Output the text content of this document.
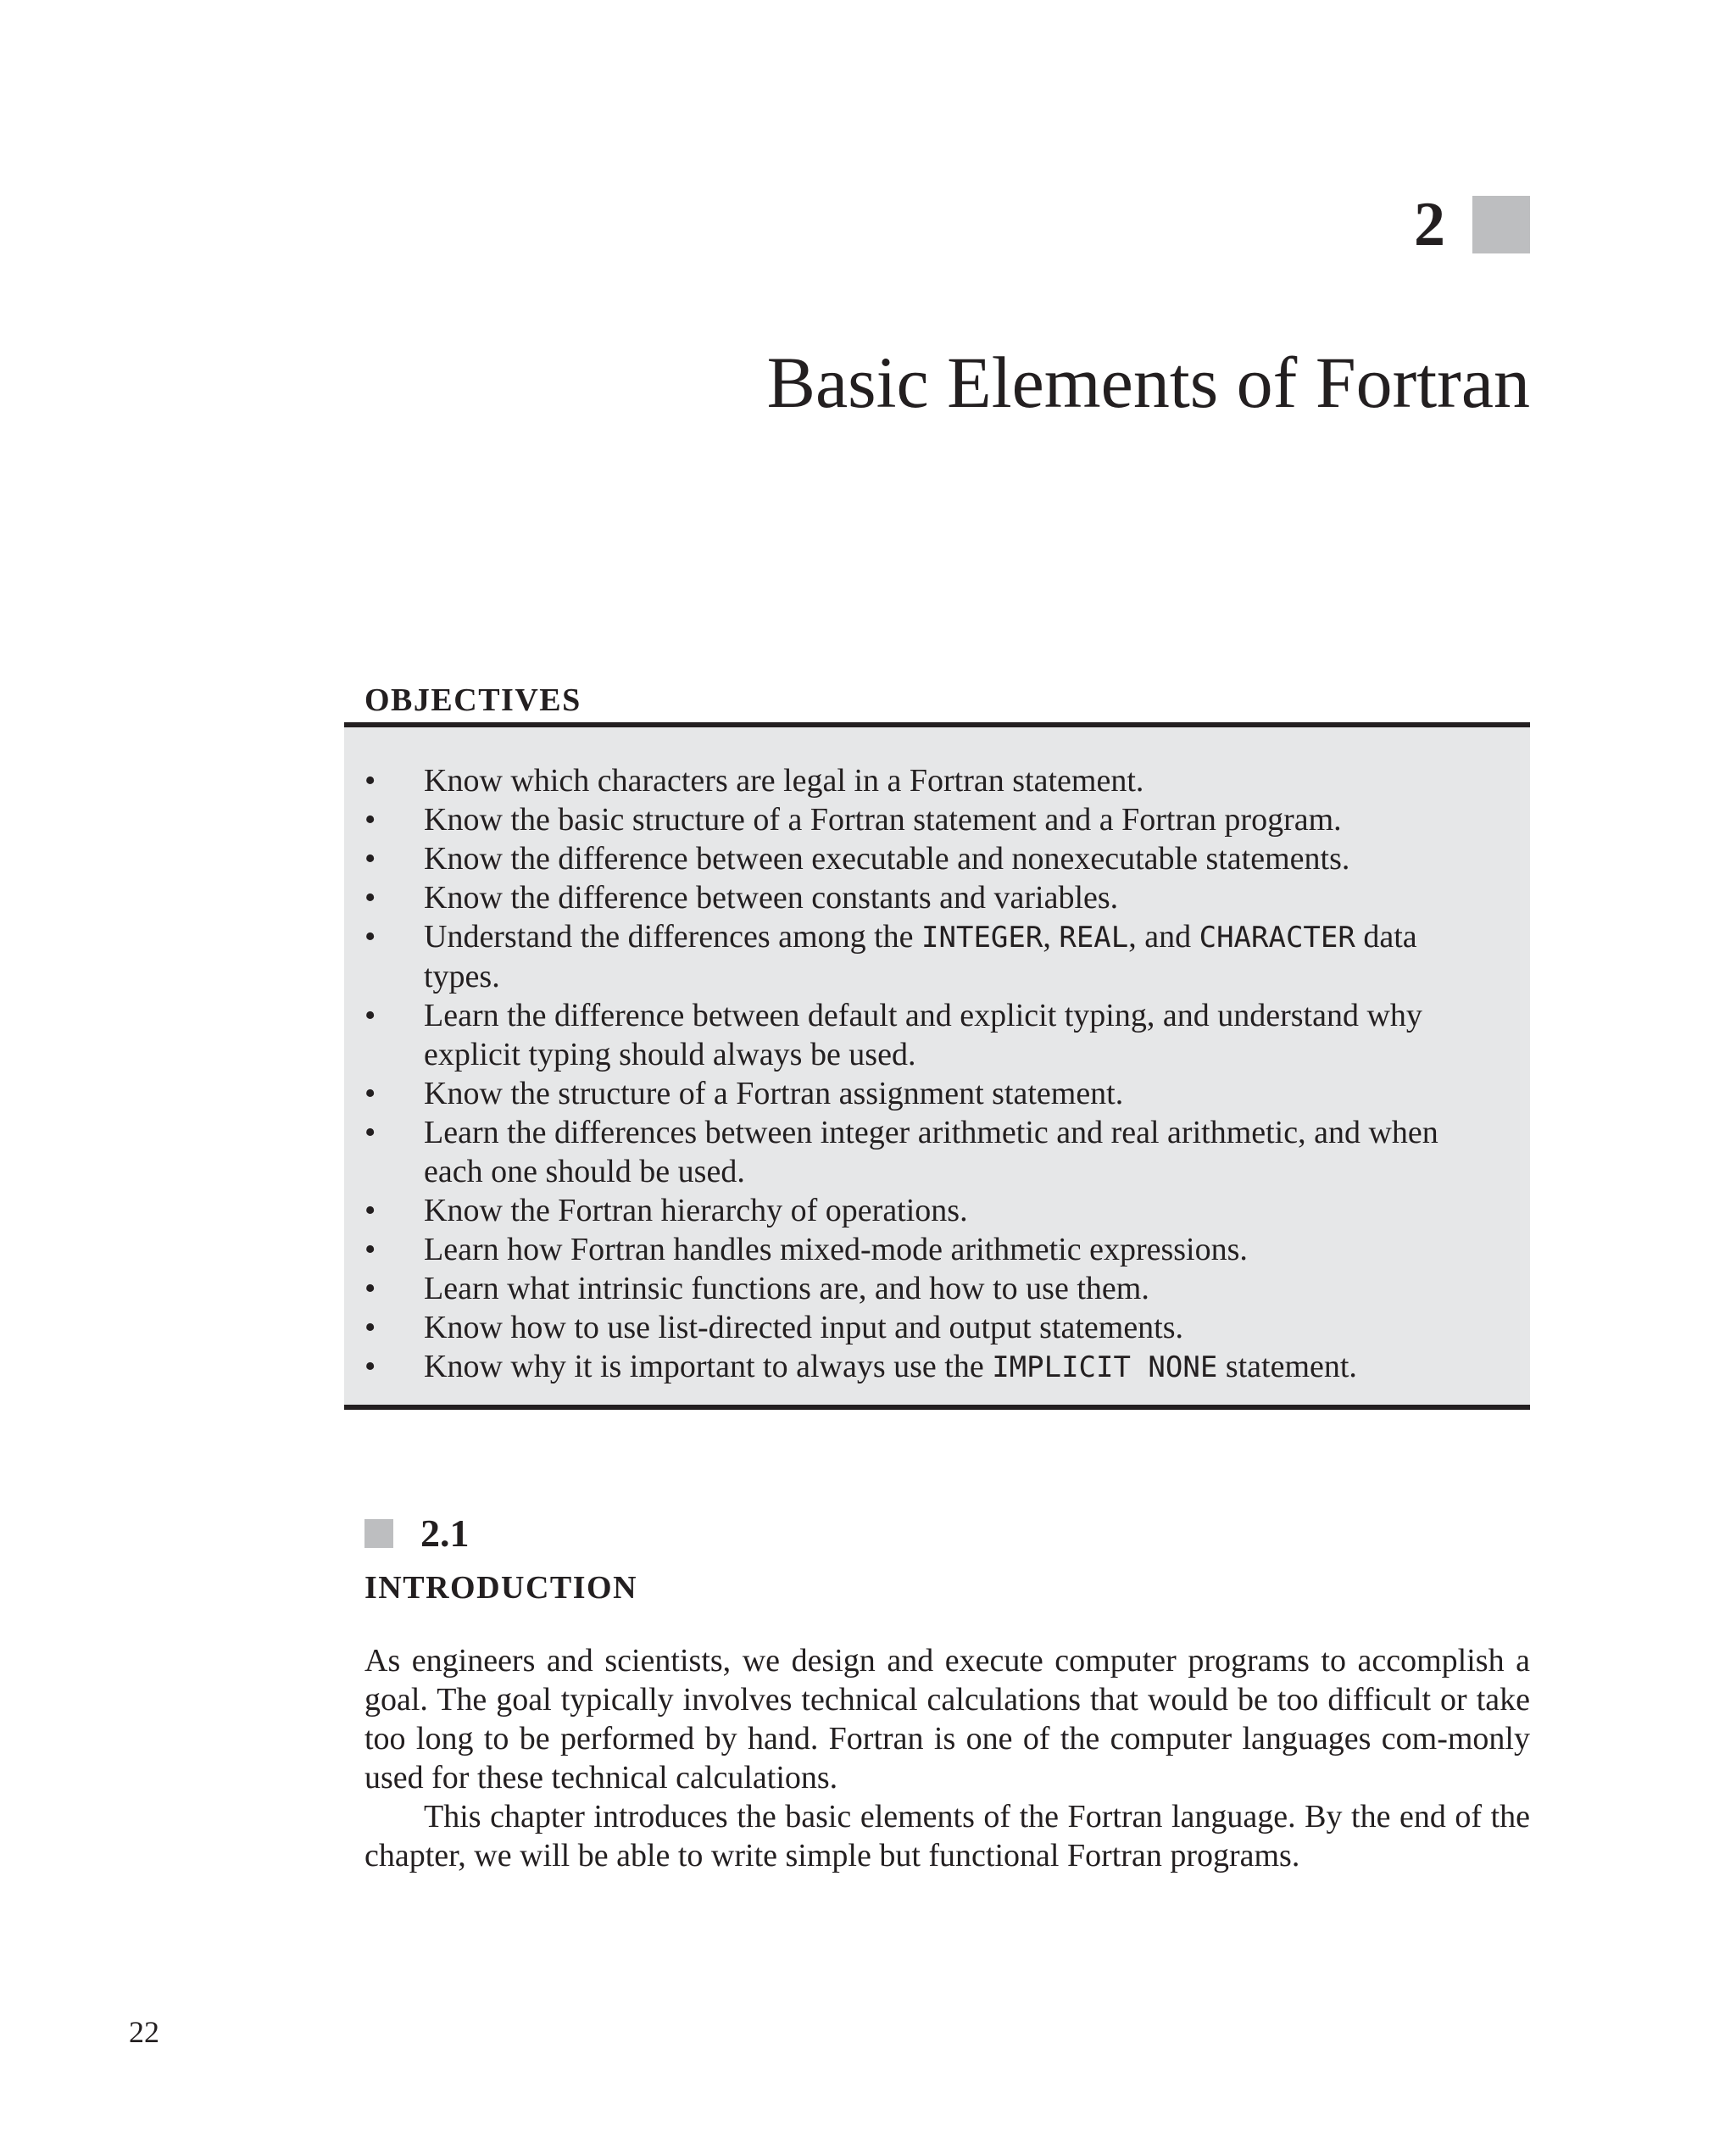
2
Basic Elements of Fortran
OBJECTIVES
• Know which characters are legal in a Fortran statement.
• Know the basic structure of a Fortran statement and a Fortran program.
• Know the difference between executable and nonexecutable statements.
• Know the difference between constants and variables.
• Understand the differences among the INTEGER, REAL, and CHARACTER data types.
• Learn the difference between default and explicit typing, and understand why explicit typing should always be used.
• Know the structure of a Fortran assignment statement.
• Learn the differences between integer arithmetic and real arithmetic, and when each one should be used.
• Know the Fortran hierarchy of operations.
• Learn how Fortran handles mixed-mode arithmetic expressions.
• Learn what intrinsic functions are, and how to use them.
• Know how to use list-directed input and output statements.
• Know why it is important to always use the IMPLICIT NONE statement.
2.1
INTRODUCTION

As engineers and scientists, we design and execute computer programs to accomplish a goal. The goal typically involves technical calculations that would be too difficult or take too long to be performed by hand. Fortran is one of the computer languages com-monly used for these technical calculations.

This chapter introduces the basic elements of the Fortran language. By the end of the chapter, we will be able to write simple but functional Fortran programs.

22
